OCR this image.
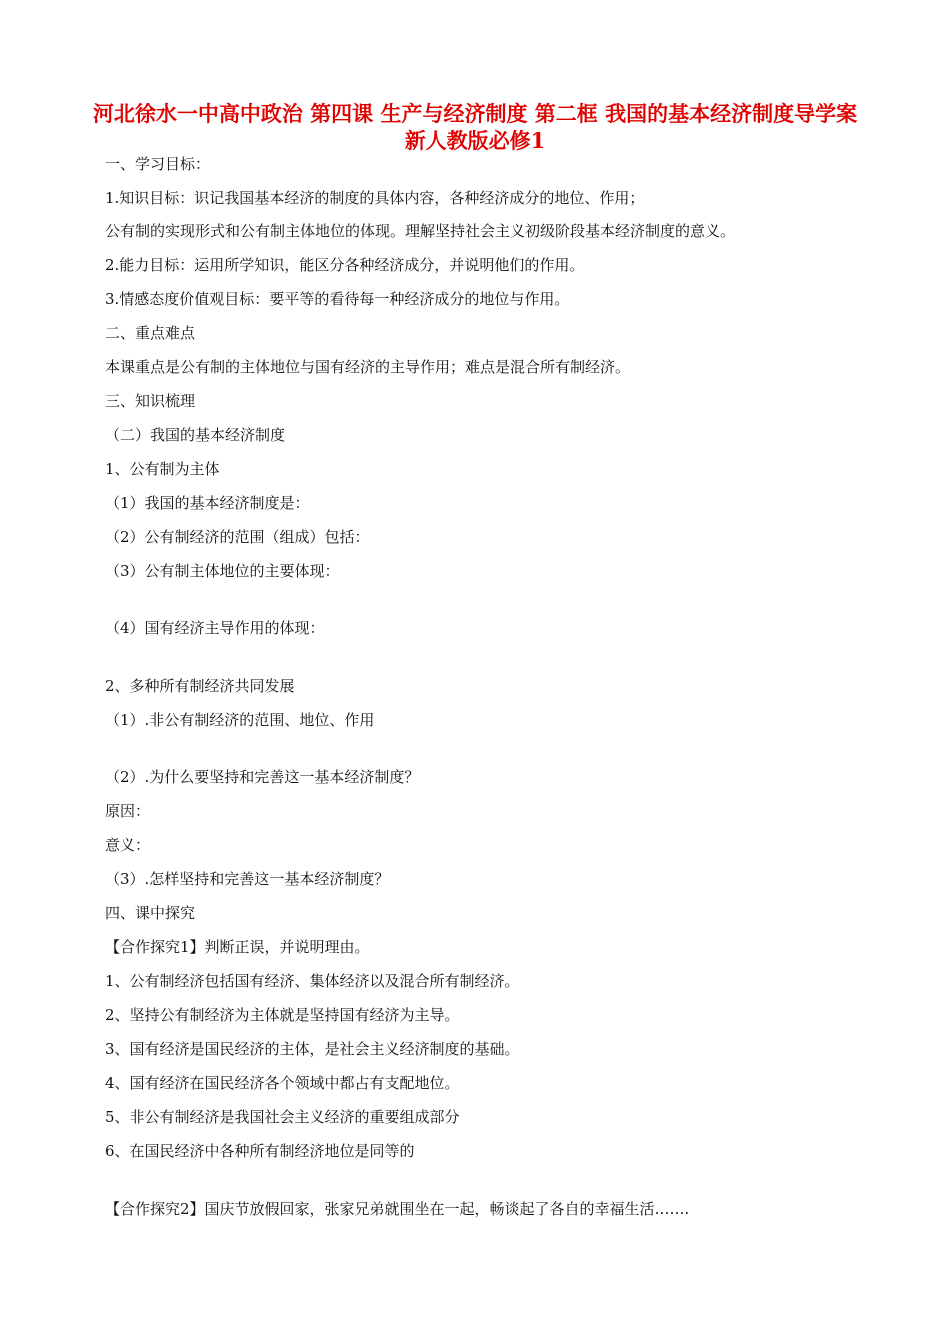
河北徐水一中高中政治 第四课 生产与经济制度 第二框 我国的基本经济制度导学案 新人教版必修1
一、学习目标：
1.知识目标：识记我国基本经济的制度的具体内容，各种经济成分的地位、作用；
公有制的实现形式和公有制主体地位的体现。理解坚持社会主义初级阶段基本经济制度的意义。
2.能力目标：运用所学知识，能区分各种经济成分，并说明他们的作用。
3.情感态度价值观目标：要平等的看待每一种经济成分的地位与作用。
二、重点难点
本课重点是公有制的主体地位与国有经济的主导作用；难点是混合所有制经济。
三、知识梳理
（二）我国的基本经济制度
1、公有制为主体
（1）我国的基本经济制度是：
（2）公有制经济的范围（组成）包括：
（3）公有制主体地位的主要体现：
（4）国有经济主导作用的体现：
2、多种所有制经济共同发展
（1）.非公有制经济的范围、地位、作用
（2）.为什么要坚持和完善这一基本经济制度？
原因：
意义：
（3）.怎样坚持和完善这一基本经济制度？
四、课中探究
【合作探究1】判断正误，并说明理由。
1、公有制经济包括国有经济、集体经济以及混合所有制经济。
2、坚持公有制经济为主体就是坚持国有经济为主导。
3、国有经济是国民经济的主体，是社会主义经济制度的基础。
4、国有经济在国民经济各个领域中都占有支配地位。
5、非公有制经济是我国社会主义经济的重要组成部分
6、在国民经济中各种所有制经济地位是同等的
【合作探究2】国庆节放假回家，张家兄弟就围坐在一起，畅谈起了各自的幸福生活…….
